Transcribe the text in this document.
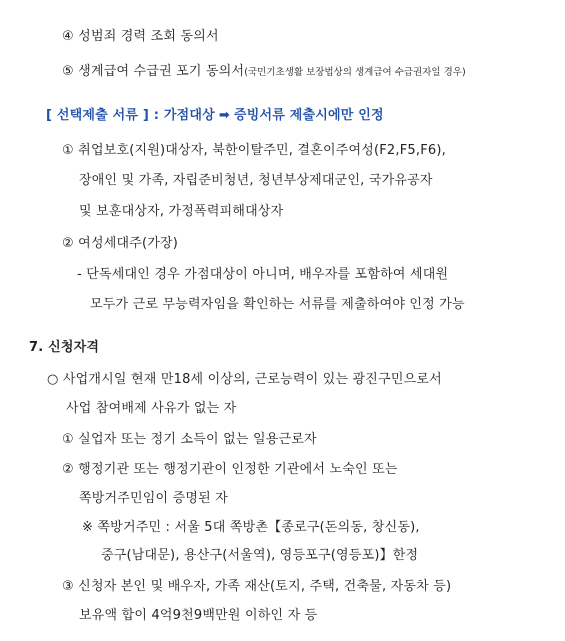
④ 성범죄 경력 조회 동의서
⑤ 생계급여 수급권 포기 동의서(국민기초생활 보장법상의 생계급여 수급권자일 경우)
[ 선택제출 서류 ] : 가점대상 ➡ 증빙서류 제출시에만 인정
① 취업보호(지원)대상자, 북한이탈주민, 결혼이주여성(F2,F5,F6),
장애인 및 가족, 자립준비청년, 청년부상제대군인, 국가유공자
및 보훈대상자, 가정폭력피해대상자
② 여성세대주(가장)
- 단독세대인 경우 가점대상이 아니며, 배우자를 포함하여 세대원
모두가 근로 무능력자임을 확인하는 서류를 제출하여야 인정 가능
7. 신청자격
○ 사업개시일 현재 만18세 이상의, 근로능력이 있는 광진구민으로서
사업 참여배제 사유가 없는 자
① 실업자 또는 정기 소득이 없는 일용근로자
② 행정기관 또는 행정기관이 인정한 기관에서 노숙인 또는
쪽방거주민임이 증명된 자
※ 쪽방거주민 : 서울 5대 쪽방촌【종로구(돈의동, 창신동),
중구(남대문), 용산구(서울역), 영등포구(영등포)】한정
③ 신청자 본인 및 배우자, 가족 재산(토지, 주택, 건축물, 자동차 등)
보유액 합이 4억9천9백만원 이하인 자 등
